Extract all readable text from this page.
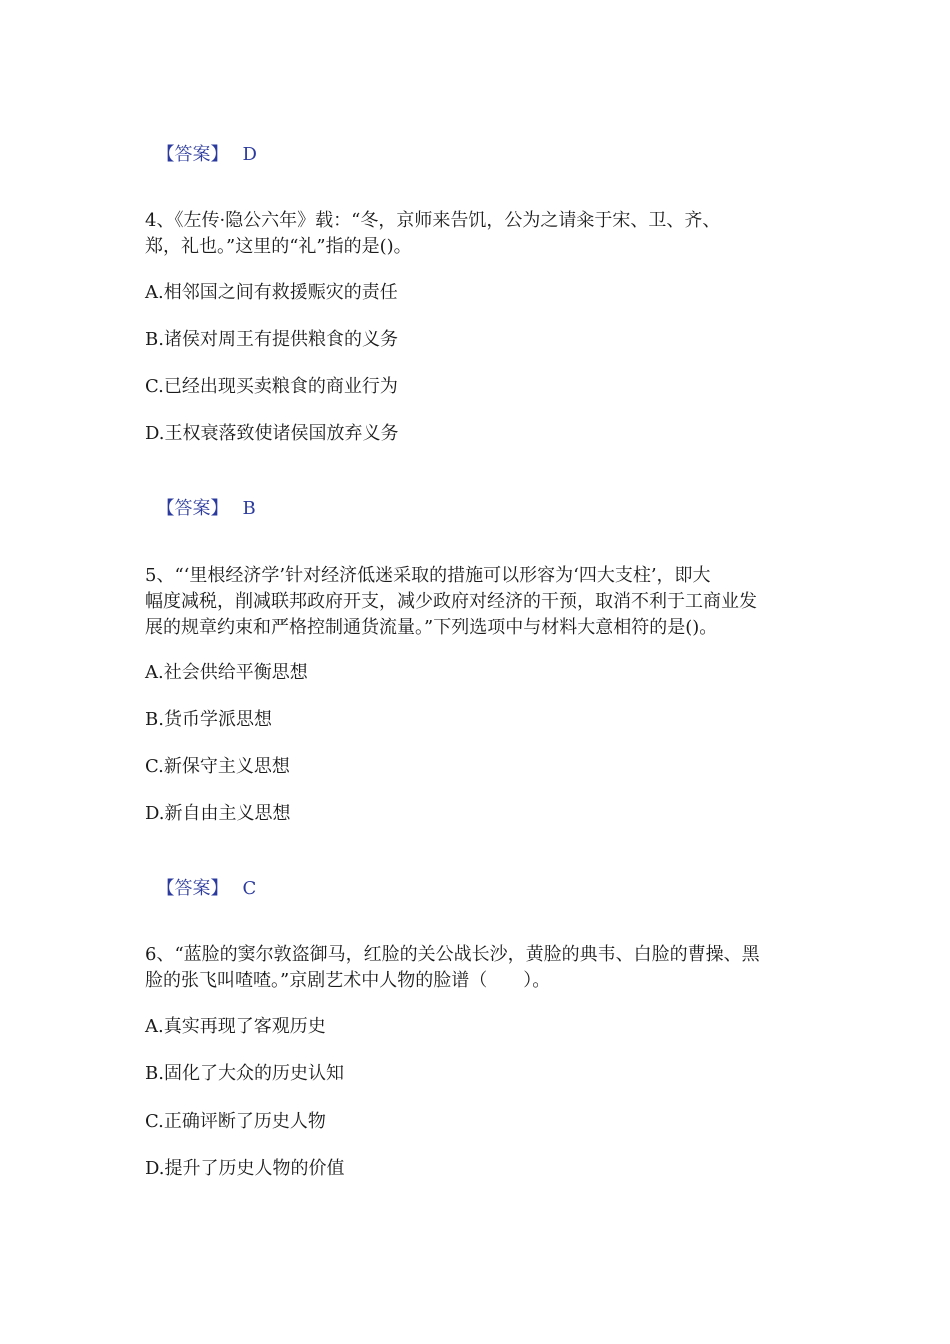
【答案】 D

4、《左传·隐公六年》载：“冬，京师来告饥，公为之请籴于宋、卫、齐、
郑，礼也。”这里的“礼”指的是()。
A.相邻国之间有救援赈灾的责任
B.诸侯对周王有提供粮食的义务
C.已经出现买卖粮食的商业行为
D.王权衰落致使诸侯国放弃义务

【答案】 B

5、“‘里根经济学’针对经济低迷采取的措施可以形容为‘四大支柱’，即大
幅度减税，削减联邦政府开支，减少政府对经济的干预，取消不利于工商业发
展的规章约束和严格控制通货流量。”下列选项中与材料大意相符的是()。
A.社会供给平衡思想
B.货币学派思想
C.新保守主义思想
D.新自由主义思想

【答案】 C

6、“蓝脸的窦尔敦盗御马，红脸的关公战长沙，黄脸的典韦、白脸的曹操、黑
脸的张飞叫喳喳。”京剧艺术中人物的脸谱（　　）。
A.真实再现了客观历史
B.固化了大众的历史认知
C.正确评断了历史人物
D.提升了历史人物的价值
